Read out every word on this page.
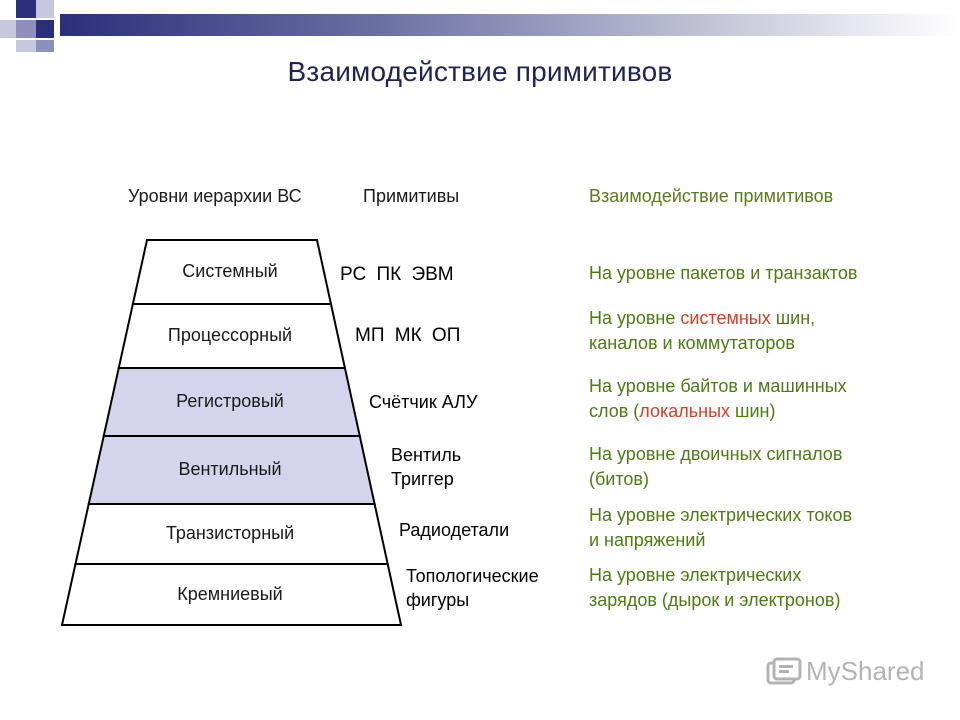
Взаимодействие примитивов
Уровни иерархии ВС	Примитивы	Взаимодействие примитивов
Системный
Процессорный
Регистровый
Вентильный
Транзисторный
Кремниевый
РС ПК ЭВМ
МП МК ОП
Счётчик АЛУ
Вентиль
Триггер
Радиодетали
Топологические
фигуры
На уровне пакетов и транзактов
На уровне системных шин,
каналов и коммутаторов
На уровне байтов и машинных
слов (локальных шин)
На уровне двоичных сигналов
(битов)
На уровне электрических токов
и напряжений
На уровне электрических
зарядов (дырок и электронов)
MyShared
